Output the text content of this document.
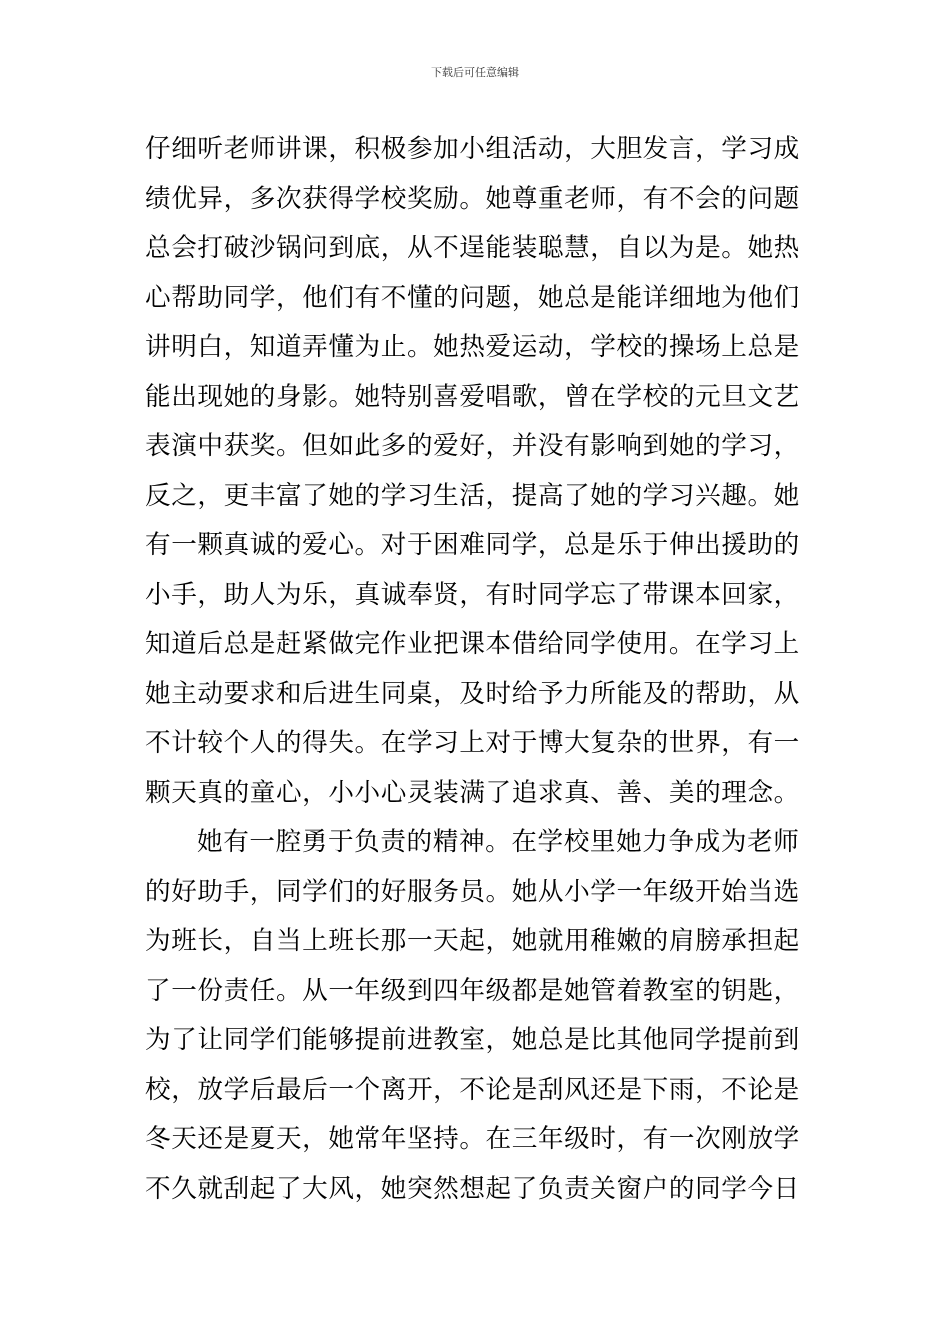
下载后可任意编辑
仔细听老师讲课，积极参加小组活动，大胆发言，学习成
绩优异，多次获得学校奖励。她尊重老师，有不会的问题
总会打破沙锅问到底，从不逞能装聪慧，自以为是。她热
心帮助同学，他们有不懂的问题，她总是能详细地为他们
讲明白，知道弄懂为止。她热爱运动，学校的操场上总是
能出现她的身影。她特别喜爱唱歌，曾在学校的元旦文艺
表演中获奖。但如此多的爱好，并没有影响到她的学习，
反之，更丰富了她的学习生活，提高了她的学习兴趣。她
有一颗真诚的爱心。对于困难同学，总是乐于伸出援助的
小手，助人为乐，真诚奉贤，有时同学忘了带课本回家，
知道后总是赶紧做完作业把课本借给同学使用。在学习上
她主动要求和后进生同桌，及时给予力所能及的帮助，从
不计较个人的得失。在学习上对于博大复杂的世界，有一
颗天真的童心，小小心灵装满了追求真、善、美的理念。
她有一腔勇于负责的精神。在学校里她力争成为老师
的好助手，同学们的好服务员。她从小学一年级开始当选
为班长，自当上班长那一天起，她就用稚嫩的肩膀承担起
了一份责任。从一年级到四年级都是她管着教室的钥匙，
为了让同学们能够提前进教室，她总是比其他同学提前到
校，放学后最后一个离开，不论是刮风还是下雨，不论是
冬天还是夏天，她常年坚持。在三年级时，有一次刚放学
不久就刮起了大风，她突然想起了负责关窗户的同学今日
